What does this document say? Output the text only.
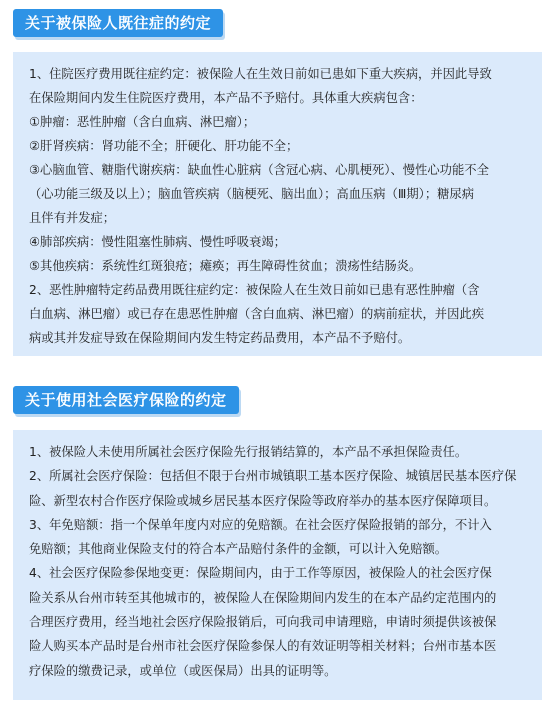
关于被保险人既往症的约定
1、住院医疗费用既往症约定：被保险人在生效日前如已患如下重大疾病，并因此导致
在保险期间内发生住院医疗费用，本产品不予赔付。具体重大疾病包含：
①肿瘤：恶性肿瘤（含白血病、淋巴瘤）；
②肝肾疾病：肾功能不全；肝硬化、肝功能不全；
③心脑血管、糖脂代谢疾病：缺血性心脏病（含冠心病、心肌梗死）、慢性心功能不全
（心功能三级及以上）；脑血管疾病（脑梗死、脑出血）；高血压病（Ⅲ期）；糖尿病
且伴有并发症；
④肺部疾病：慢性阻塞性肺病、慢性呼吸衰竭；
⑤其他疾病：系统性红斑狼疮；瘫痪；再生障碍性贫血；溃疡性结肠炎。
2、恶性肿瘤特定药品费用既往症约定：被保险人在生效日前如已患有恶性肿瘤（含
白血病、淋巴瘤）或已存在患恶性肿瘤（含白血病、淋巴瘤）的病前症状，并因此疾
病或其并发症导致在保险期间内发生特定药品费用，本产品不予赔付。
关于使用社会医疗保险的约定
1、被保险人未使用所属社会医疗保险先行报销结算的，本产品不承担保险责任。
2、所属社会医疗保险：包括但不限于台州市城镇职工基本医疗保险、城镇居民基本医疗保
险、新型农村合作医疗保险或城乡居民基本医疗保险等政府举办的基本医疗保障项目。
3、年免赔额：指一个保单年度内对应的免赔额。在社会医疗保险报销的部分，不计入
免赔额；其他商业保险支付的符合本产品赔付条件的金额，可以计入免赔额。
4、社会医疗保险参保地变更：保险期间内，由于工作等原因，被保险人的社会医疗保
险关系从台州市转至其他城市的，被保险人在保险期间内发生的在本产品约定范围内的
合理医疗费用，经当地社会医疗保险报销后，可向我司申请理赔，申请时须提供该被保
险人购买本产品时是台州市社会医疗保险参保人的有效证明等相关材料；台州市基本医
疗保险的缴费记录，或单位（或医保局）出具的证明等。
